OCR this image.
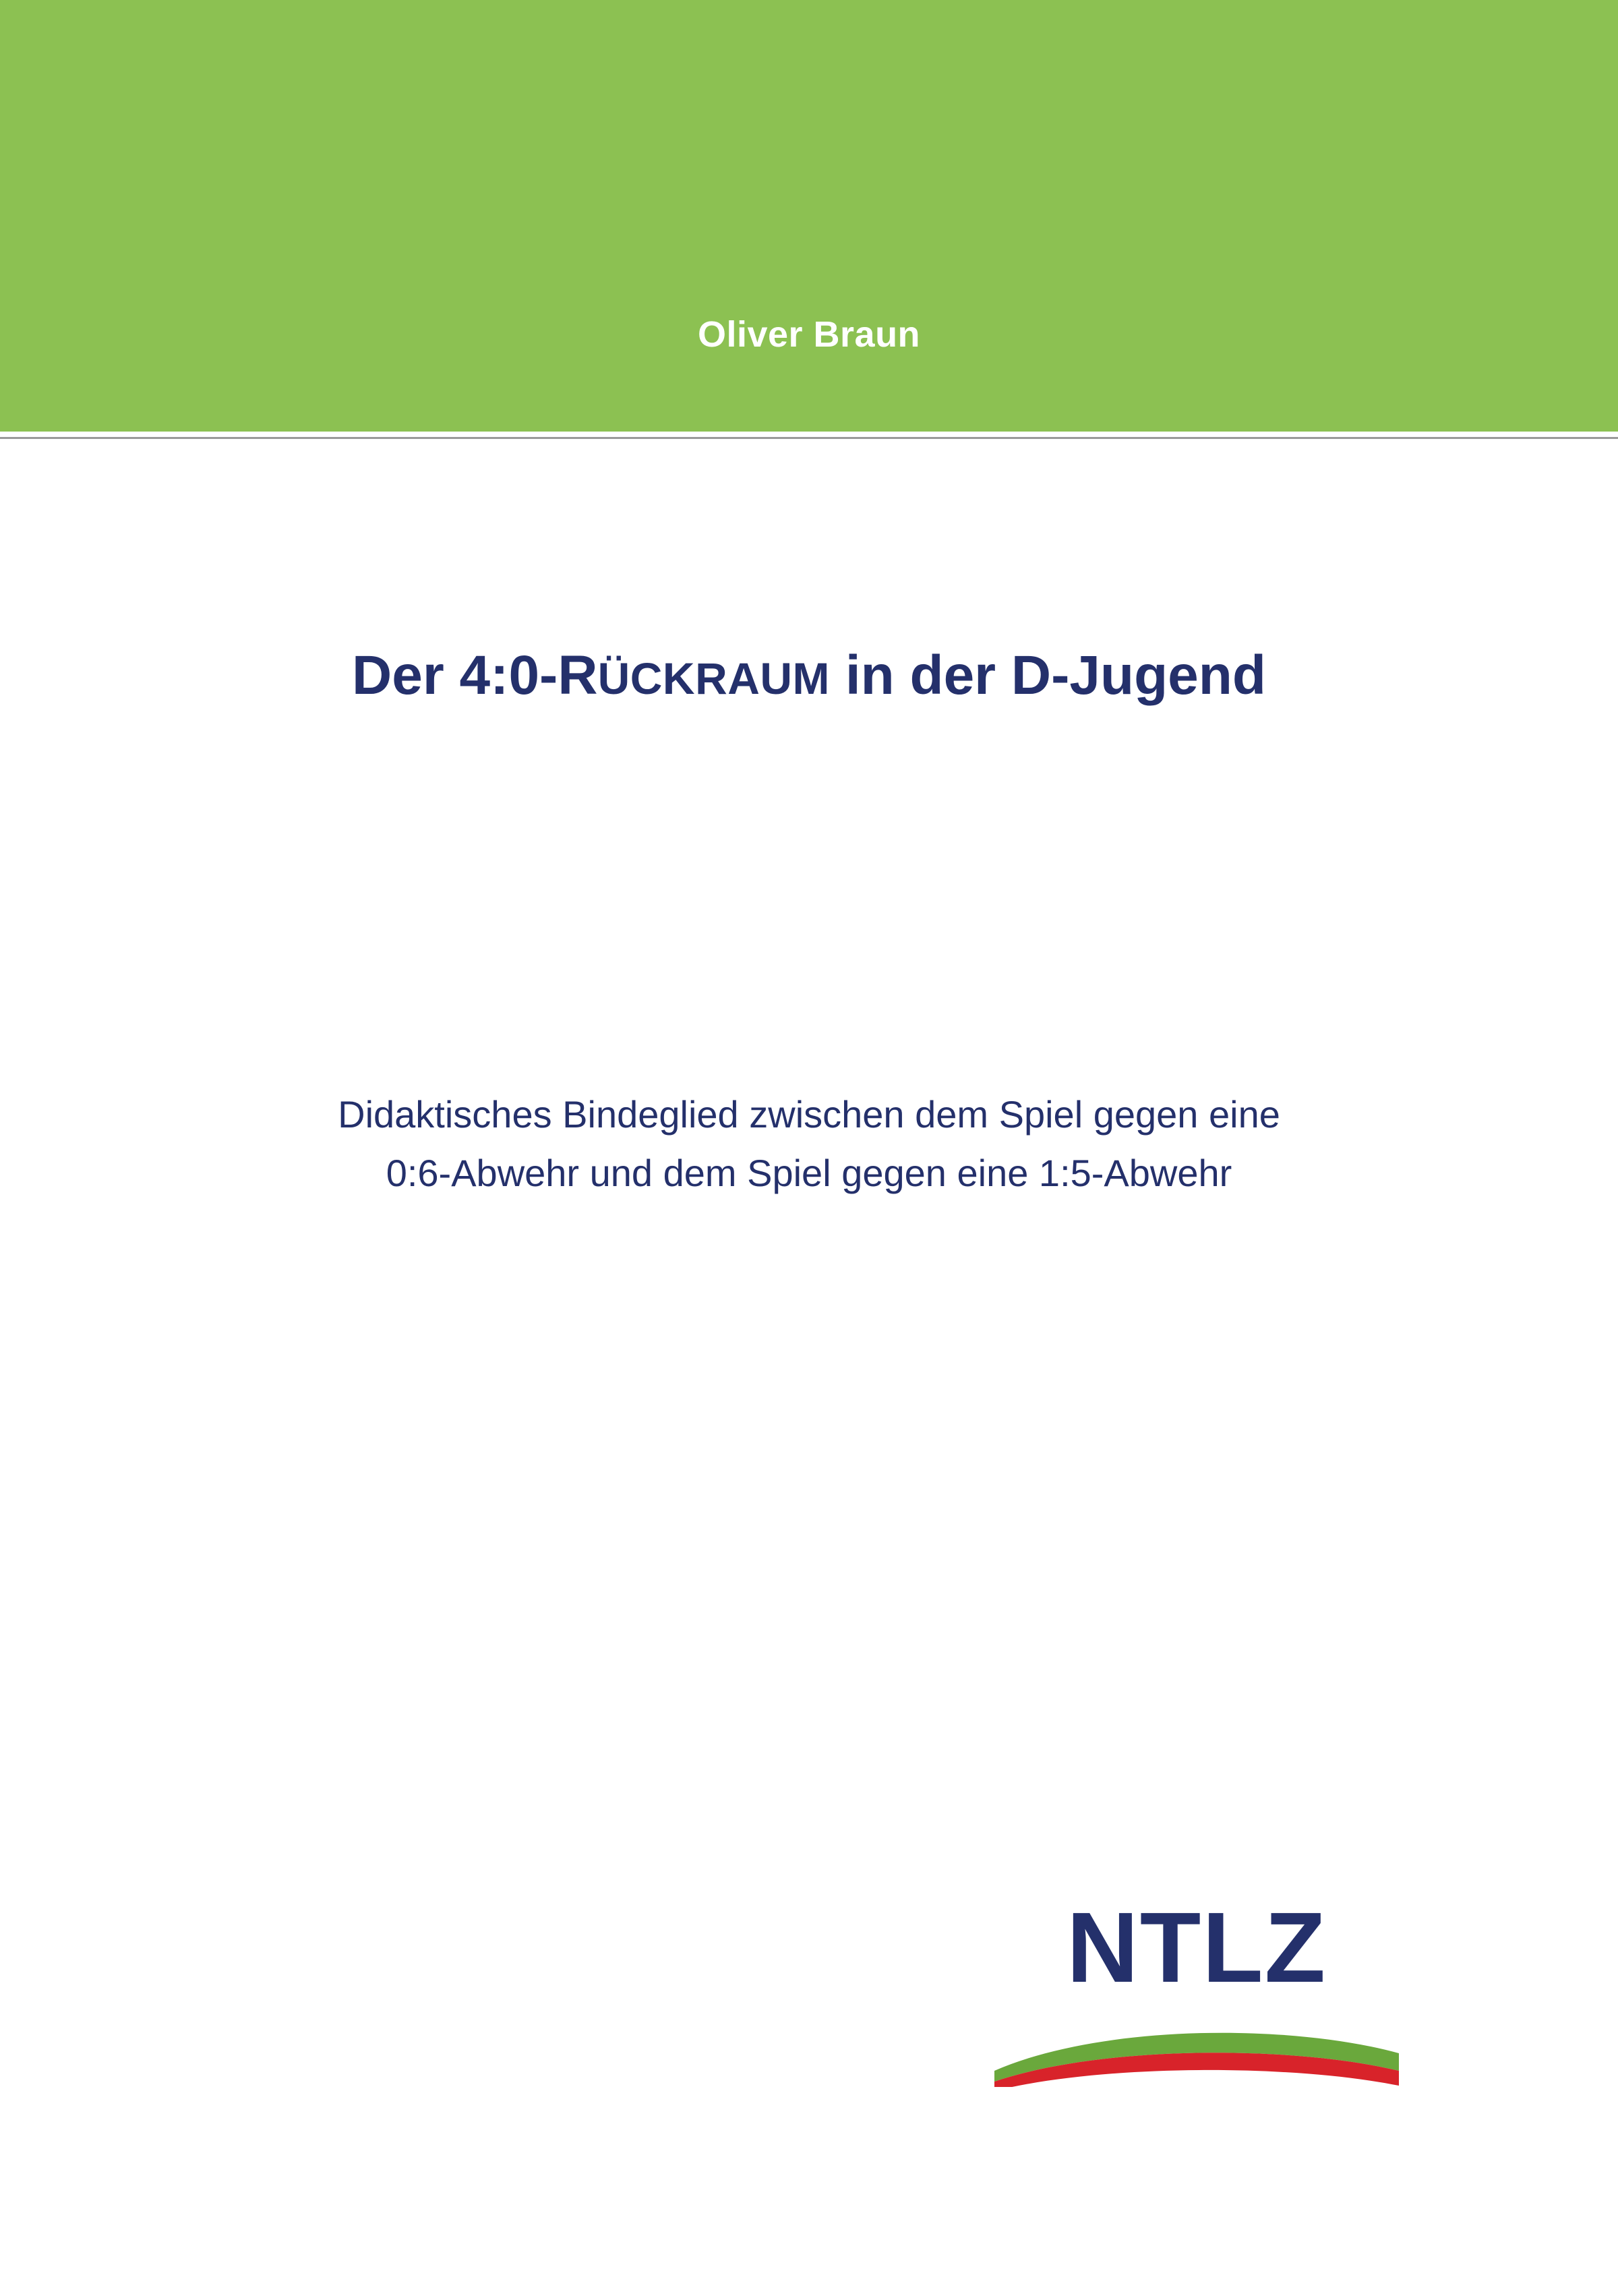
Oliver Braun
Der 4:0-RÜCKRAUM in der D-Jugend
Didaktisches Bindeglied zwischen dem Spiel gegen eine
0:6-Abwehr und dem Spiel gegen eine 1:5-Abwehr
NTLZ
